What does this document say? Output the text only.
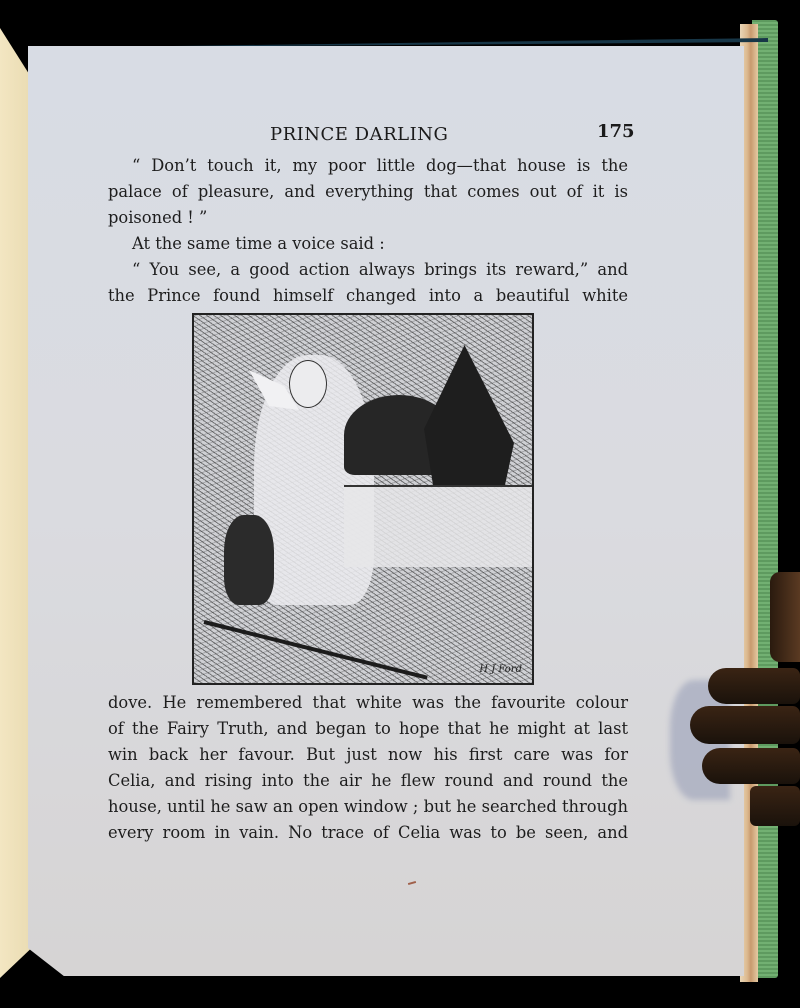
PRINCE DARLING	175
“ Don’t touch it, my poor little dog—that house is the
palace of pleasure, and everything that comes out of it is
poisoned ! ”
At the same time a voice said :
“ You see, a good action always brings its reward,” and
the Prince found himself changed into a beautiful white
H J Ford
dove. He remembered that white was the favourite colour
of the Fairy Truth, and began to hope that he might at last
win back her favour. But just now his first care was for
Celia, and rising into the air he flew round and round the
house, until he saw an open window ; but he searched through
every room in vain. No trace of Celia was to be seen, and
